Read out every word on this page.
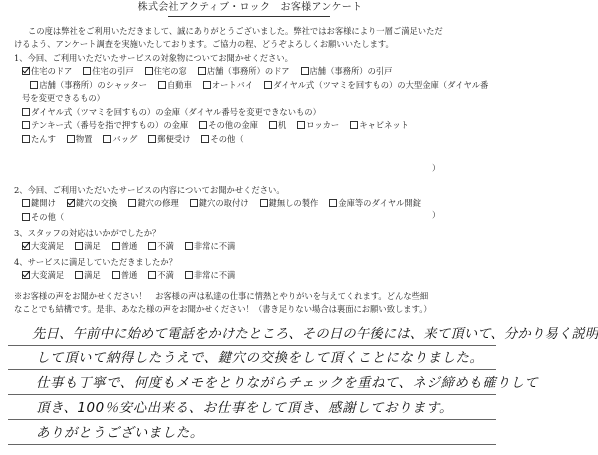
株式会社アクティブ・ロック　お客様アンケート

この度は弊社をご利用いただきまして、誠にありがとうございました。弊社ではお客様により一層ご満足いただ

けるよう、アンケート調査を実施いたしております。ご協力の程、どうぞよろしくお願いいたします。

1、今回、ご利用いただいたサービスの対象物についてお聞かせください。
住宅のドア 　 住宅の引戸 　 住宅の窓 　 店舗（事務所）のドア 　 店舗（事務所）の引戸 　店舗（事務所）のシャッター 　 自動車 　 オートバイ 　 ダイヤル式（ツマミを回すもの）の大型金庫（ダイヤル番号を変更できるもの）
ダイヤル式（ツマミを回すもの）の金庫（ダイヤル番号を変更できないもの）
テンキー式（番号を指で押すもの）の金庫 　 その他の金庫 　 机 　 ロッカー 　 キャビネット
たんす 　 物置 　 バッグ 　 郵便受け 　 その他（
）
2、今回、ご利用いただいたサービスの内容についてお聞かせください。
鍵開け 　 鍵穴の交換 　 鍵穴の修理 　 鍵穴の取付け 　 鍵無しの製作 　 金庫等のダイヤル開錠
その他（	）
3、スタッフの対応はいかがでしたか？
大変満足 　 満足 　 普通 　 不満 　 非常に不満
4、サービスに満足していただきましたか？
大変満足 　 満足 　 普通 　 不満 　 非常に不満

※お客様の声をお聞かせください！　 お客様の声は私達の仕事に情熱とやりがいを与えてくれます。どんな些細

なことでも結構です。是非、あなた様の声をお聞かせください！（書き足りない場合は裏面にお願い致します。）

先日、午前中に始めて電話をかけたところ、その日の午後には、来て頂いて、分かり易く説明
して頂いて納得したうえで、鍵穴の交換をして頂くことになりました。
仕事も丁寧で、何度もメモをとりながらチェックを重ねて、ネジ締めも確りして
頂き、100％安心出来る、お仕事をして頂き、感謝しております。
ありがとうございました。
